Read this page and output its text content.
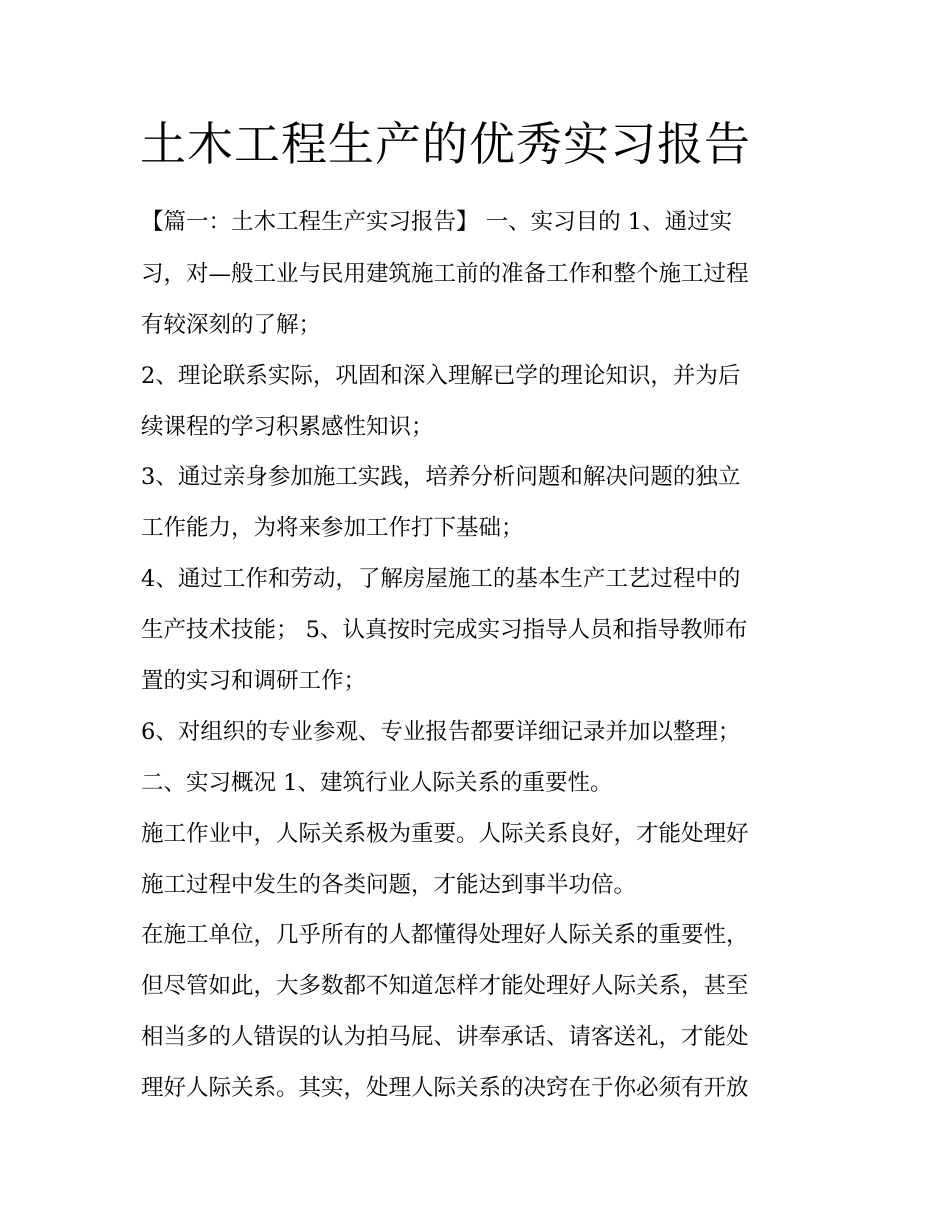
土木工程生产的优秀实习报告

【篇一：土木工程生产实习报告】 一、实习目的 1、通过实

习，对—般工业与民用建筑施工前的准备工作和整个施工过程

有较深刻的了解；

2、理论联系实际，巩固和深入理解已学的理论知识，并为后

续课程的学习积累感性知识；

3、通过亲身参加施工实践，培养分析问题和解决问题的独立

工作能力，为将来参加工作打下基础；

4、通过工作和劳动，了解房屋施工的基本生产工艺过程中的

生产技术技能； 5、认真按时完成实习指导人员和指导教师布

置的实习和调研工作；

6、对组织的专业参观、专业报告都要详细记录并加以整理；

二、实习概况 1、建筑行业人际关系的重要性。

施工作业中，人际关系极为重要。人际关系良好，才能处理好

施工过程中发生的各类问题，才能达到事半功倍。

在施工单位，几乎所有的人都懂得处理好人际关系的重要性，

但尽管如此，大多数都不知道怎样才能处理好人际关系，甚至

相当多的人错误的认为拍马屁、讲奉承话、请客送礼，才能处

理好人际关系。其实，处理人际关系的决窍在于你必须有开放
